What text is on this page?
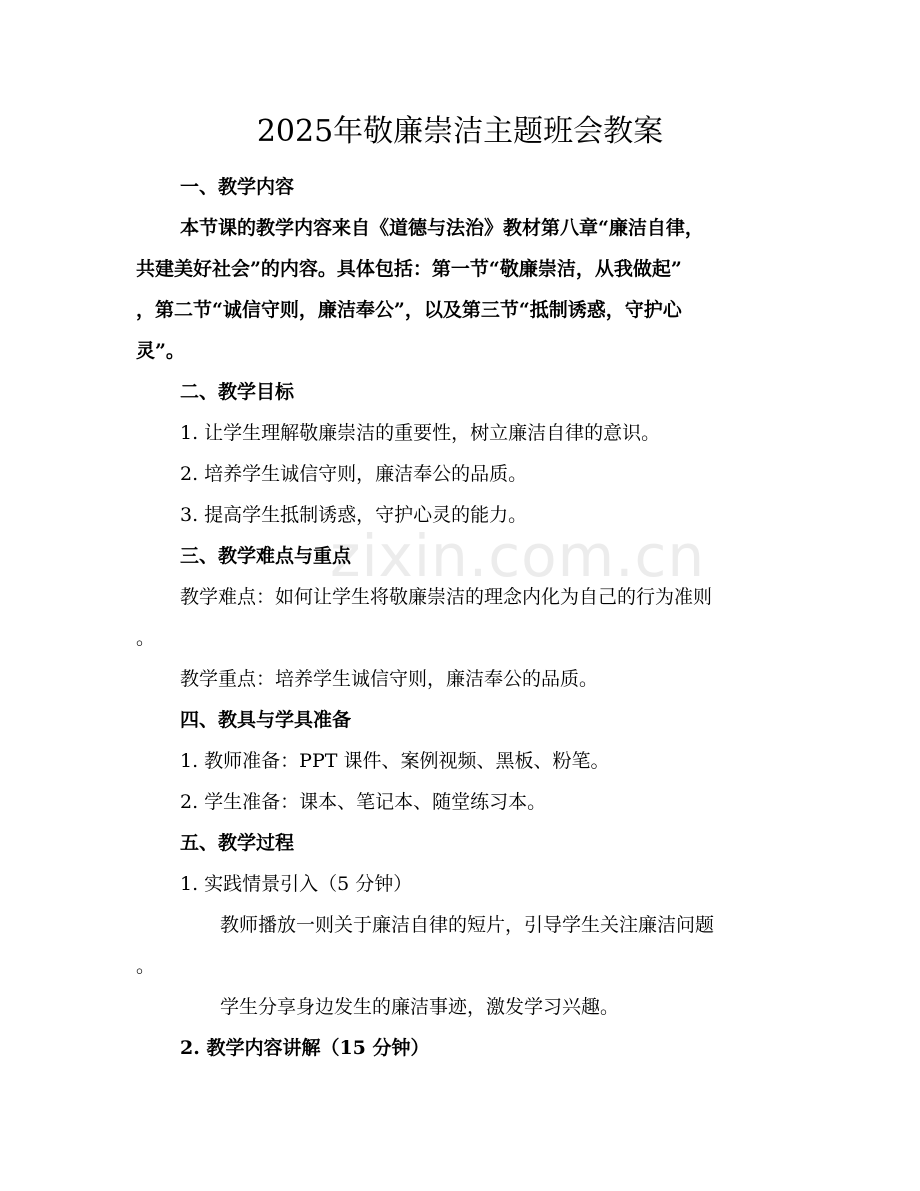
zixin.com.cn
2025年敬廉崇洁主题班会教案
一、教学内容
本节课的教学内容来自《道德与法治》教材第八章“廉洁自律，
共建美好社会”的内容。具体包括：第一节“敬廉崇洁，从我做起”
，第二节“诚信守则，廉洁奉公”，以及第三节“抵制诱惑，守护心
灵”。
二、教学目标
1. 让学生理解敬廉崇洁的重要性，树立廉洁自律的意识。
2. 培养学生诚信守则，廉洁奉公的品质。
3. 提高学生抵制诱惑，守护心灵的能力。
三、教学难点与重点
教学难点：如何让学生将敬廉崇洁的理念内化为自己的行为准则
。
教学重点：培养学生诚信守则，廉洁奉公的品质。
四、教具与学具准备
1. 教师准备：PPT 课件、案例视频、黑板、粉笔。
2. 学生准备：课本、笔记本、随堂练习本。
五、教学过程
1. 实践情景引入（5 分钟）
教师播放一则关于廉洁自律的短片，引导学生关注廉洁问题
。
学生分享身边发生的廉洁事迹，激发学习兴趣。
2. 教学内容讲解（15 分钟）
